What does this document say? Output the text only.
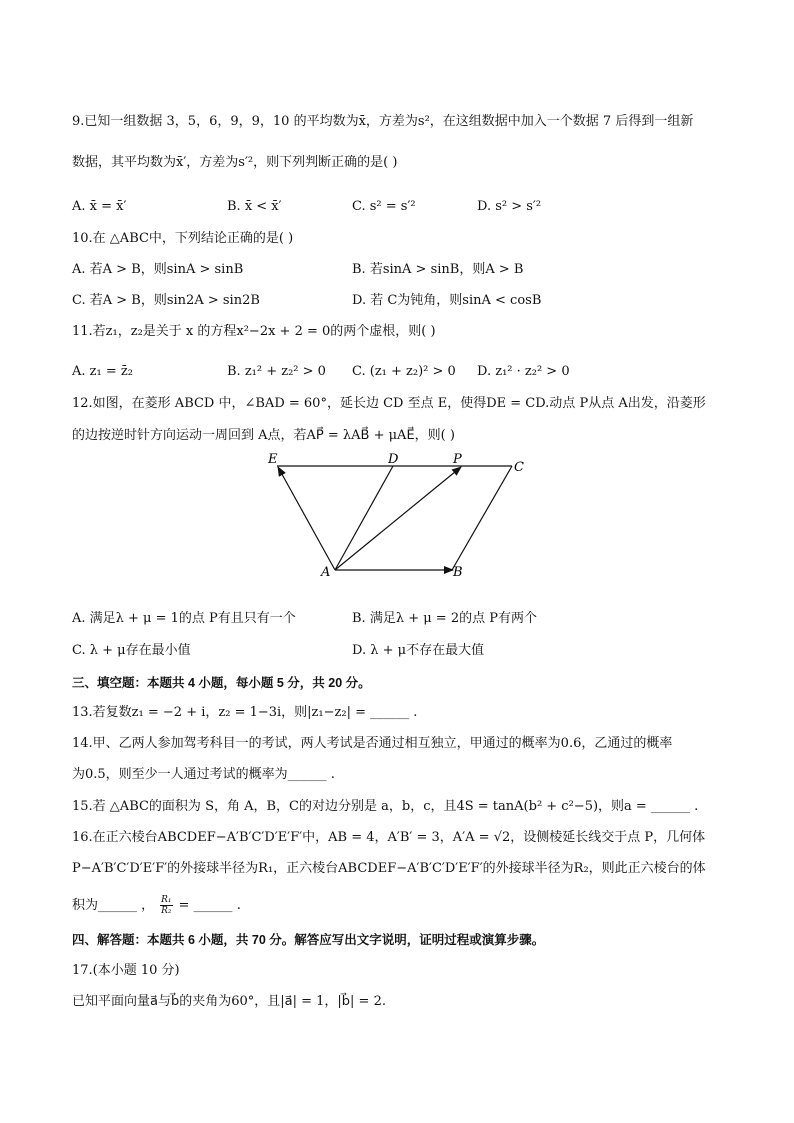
9.已知一组数据 3，5，6，9，9，10 的平均数为x̄，方差为s²，在这组数据中加入一个数据 7 后得到一组新
数据，其平均数为x̄′，方差为s′²，则下列判断正确的是( )
A. x̄ = x̄′	B. x̄ < x̄′	C. s² = s′²	D. s² > s′²
10.在 △ABC中，下列结论正确的是( )
A. 若A > B，则sinA > sinB	B. 若sinA > sinB，则A > B
C. 若A > B，则sin2A > sin2B	D. 若 C为钝角，则sinA < cosB
11.若z₁，z₂是关于 x 的方程x²−2x + 2 = 0的两个虚根，则( )
A. z₁ = z̄₂	B. z₁² + z₂² > 0 C. (z₁ + z₂)² > 0 D. z₁² · z₂² > 0
12.如图，在菱形 ABCD 中，∠BAD = 60°，延长边 CD 至点 E，使得DE = CD.动点 P从点 A出发，沿菱形
的边按逆时针方向运动一周回到 A点，若AP⃗ = λAB⃗ + μAE⃗，则( )
E	D	P
C
A	B
A. 满足λ + μ = 1的点 P有且只有一个	B. 满足λ + μ = 2的点 P有两个
C. λ + μ存在最小值	D. λ + μ不存在最大值
三、填空题：本题共 4 小题，每小题 5 分，共 20 分。
13.若复数z₁ = −2 + i，z₂ = 1−3i，则|z₁−z₂| = ______ .
14.甲、乙两人参加驾考科目一的考试，两人考试是否通过相互独立，甲通过的概率为0.6，乙通过的概率
为0.5，则至少一人通过考试的概率为______ .
15.若 △ABC的面积为 S，角 A，B，C的对边分别是 a，b，c，且4S = tanA(b² + c²−5)，则a = ______ .
16.在正六棱台ABCDEF−A′B′C′D′E′F′中，AB = 4，A′B′ = 3，A′A = √2，设侧棱延长线交于点 P，几何体
P−A′B′C′D′E′F′的外接球半径为R₁，正六棱台ABCDEF−A′B′C′D′E′F′的外接球半径为R₂，则此正六棱台的体
积为______ ， $\frac{\text{R₁}}{\text{R₂}}$ = ______ .
四、解答题：本题共 6 小题，共 70 分。解答应写出文字说明，证明过程或演算步骤。
17.(本小题 10 分)
已知平面向量a⃗与b⃗的夹角为60°，且|a⃗| = 1，|b⃗| = 2.
